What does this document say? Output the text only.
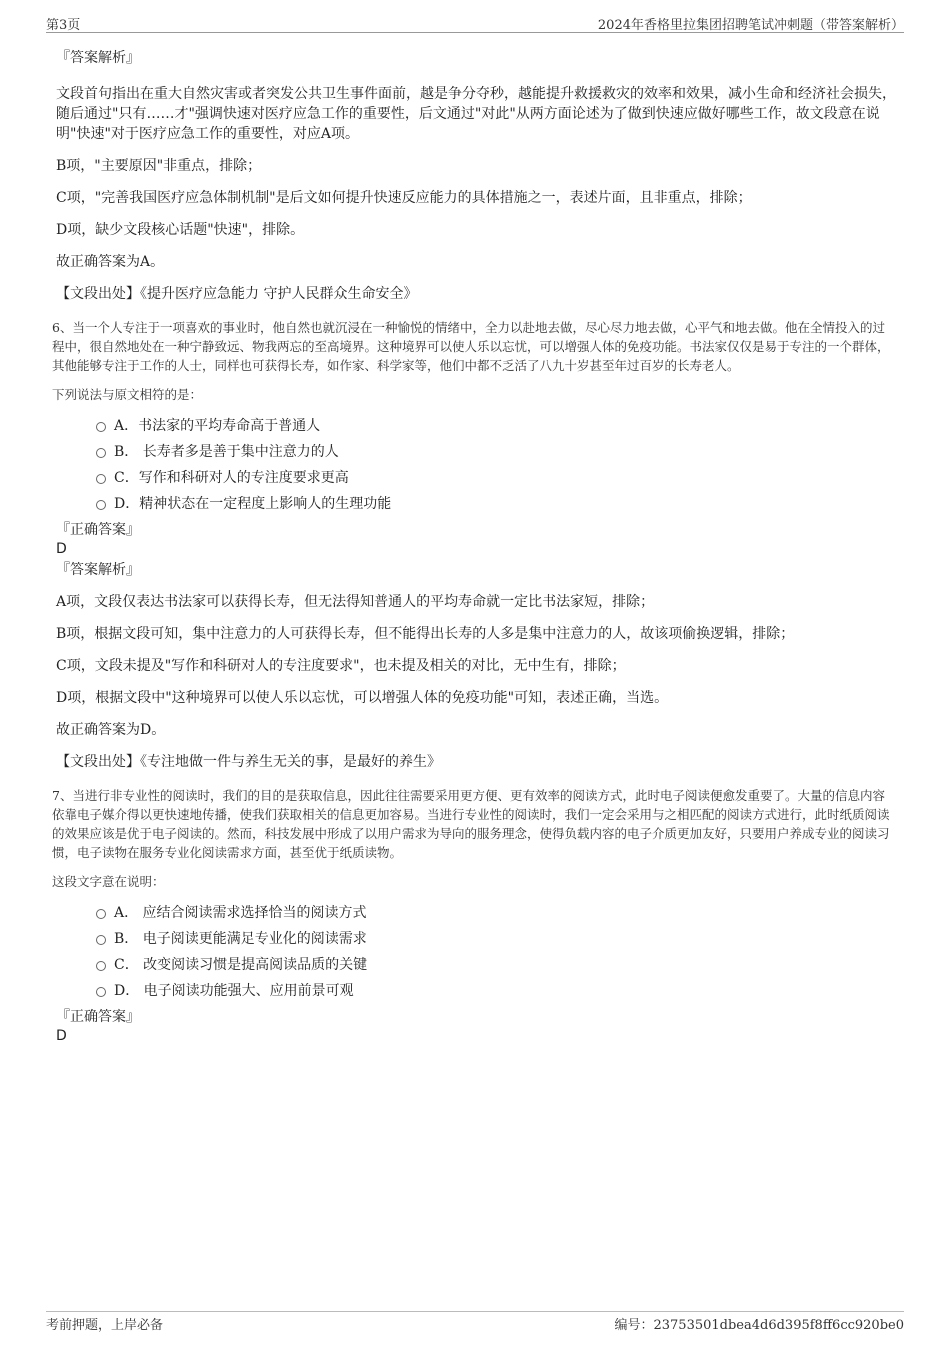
第3页	2024年香格里拉集团招聘笔试冲刺题（带答案解析）

『答案解析』

文段首句指出在重大自然灾害或者突发公共卫生事件面前，越是争分夺秒，越能提升救援救灾的效率和效果，减小生命和经济社会损失，随后通过"只有……才"强调快速对医疗应急工作的重要性，后文通过"对此"从两方面论述为了做到快速应做好哪些工作，故文段意在说明"快速"对于医疗应急工作的重要性，对应A项。

B项，"主要原因"非重点，排除；

C项，"完善我国医疗应急体制机制"是后文如何提升快速反应能力的具体措施之一，表述片面，且非重点，排除；

D项，缺少文段核心话题"快速"，排除。

故正确答案为A。

【文段出处】《提升医疗应急能力 守护人民群众生命安全》

6、当一个人专注于一项喜欢的事业时，他自然也就沉浸在一种愉悦的情绪中，全力以赴地去做，尽心尽力地去做，心平气和地去做。他在全情投入的过程中，很自然地处在一种宁静致远、物我两忘的至高境界。这种境界可以使人乐以忘忧，可以增强人体的免疫功能。书法家仅仅是易于专注的一个群体，其他能够专注于工作的人士，同样也可获得长寿，如作家、科学家等，他们中都不乏活了八九十岁甚至年过百岁的长寿老人。

下列说法与原文相符的是：

A．书法家的平均寿命高于普通人
B． 长寿者多是善于集中注意力的人
C．写作和科研对人的专注度要求更高
D．精神状态在一定程度上影响人的生理功能

『正确答案』

D

『答案解析』

A项，文段仅表达书法家可以获得长寿，但无法得知普通人的平均寿命就一定比书法家短，排除；

B项，根据文段可知，集中注意力的人可获得长寿，但不能得出长寿的人多是集中注意力的人，故该项偷换逻辑，排除；

C项，文段未提及"写作和科研对人的专注度要求"，也未提及相关的对比，无中生有，排除；

D项，根据文段中"这种境界可以使人乐以忘忧，可以增强人体的免疫功能"可知，表述正确，当选。

故正确答案为D。

【文段出处】《专注地做一件与养生无关的事，是最好的养生》

7、当进行非专业性的阅读时，我们的目的是获取信息，因此往往需要采用更方便、更有效率的阅读方式，此时电子阅读便愈发重要了。大量的信息内容依靠电子媒介得以更快速地传播，使我们获取相关的信息更加容易。当进行专业性的阅读时，我们一定会采用与之相匹配的阅读方式进行，此时纸质阅读的效果应该是优于电子阅读的。然而，科技发展中形成了以用户需求为导向的服务理念，使得负载内容的电子介质更加友好，只要用户养成专业的阅读习惯，电子读物在服务专业化阅读需求方面，甚至优于纸质读物。

这段文字意在说明：

A． 应结合阅读需求选择恰当的阅读方式
B． 电子阅读更能满足专业化的阅读需求
C． 改变阅读习惯是提高阅读品质的关键
D． 电子阅读功能强大、应用前景可观

『正确答案』

D

考前押题，上岸必备	编号：23753501dbea4d6d395f8ff6cc920be0
